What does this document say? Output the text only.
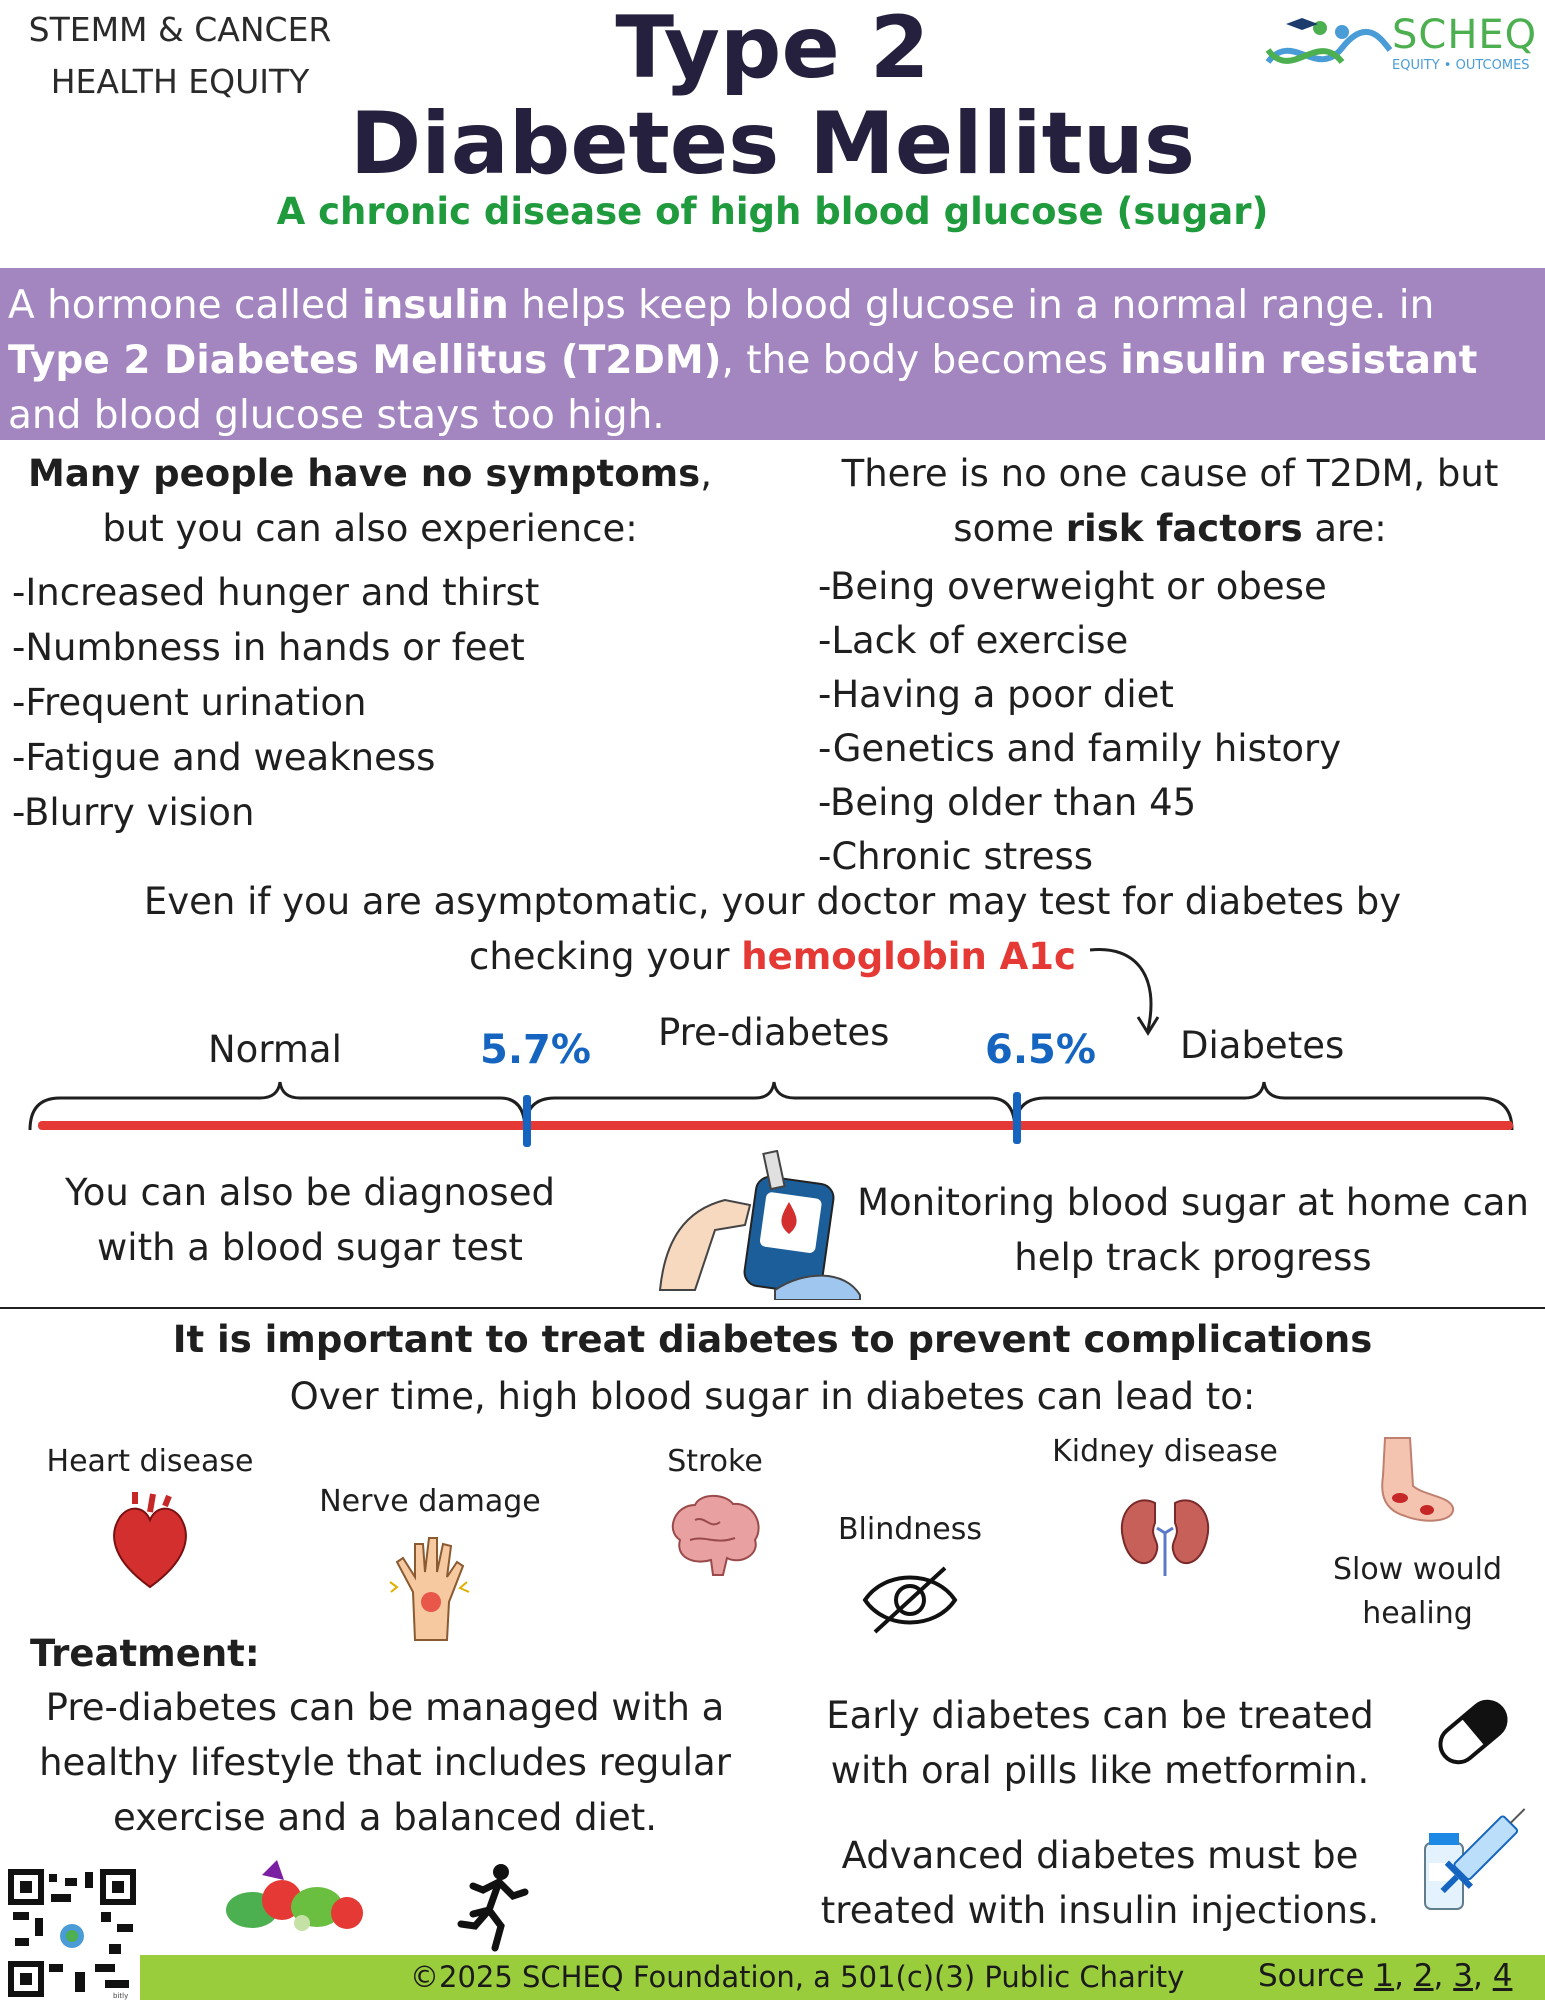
STEMM & CANCER
HEALTH EQUITY	Type 2
Diabetes Mellitus
A chronic disease of high blood glucose (sugar)
SCHEQ
EQUITY • OUTCOMES
A hormone called insulin helps keep blood glucose in a normal range. in Type 2 Diabetes Mellitus (T2DM), the body becomes insulin resistant and blood glucose stays too high.
Many people have no symptoms,
but you can also experience:
-Increased hunger and thirst
-Numbness in hands or feet
-Frequent urination
-Fatigue and weakness
-Blurry vision
There is no one cause of T2DM, but
some risk factors are:
-Being overweight or obese
-Lack of exercise
-Having a poor diet
-Genetics and family history
-Being older than 45
-Chronic stress
Even if you are asymptomatic, your doctor may test for diabetes by
checking your hemoglobin A1c
Normal	Pre-diabetes	Diabetes
5.7%	6.5%
You can also be diagnosed with a blood sugar test
Monitoring blood sugar at home can help track progress
It is important to treat diabetes to prevent complications
Over time, high blood sugar in diabetes can lead to:
Heart disease
Nerve damage
Stroke
Blindness
Kidney disease
Slow would
healing
Treatment:
Pre-diabetes can be managed with a healthy lifestyle that includes regular exercise and a balanced diet.
Early diabetes can be treated with oral pills like metformin.
Advanced diabetes must be treated with insulin injections.
bitly
©2025 SCHEQ Foundation, a 501(c)(3) Public Charity Source 1, 2, 3, 4
